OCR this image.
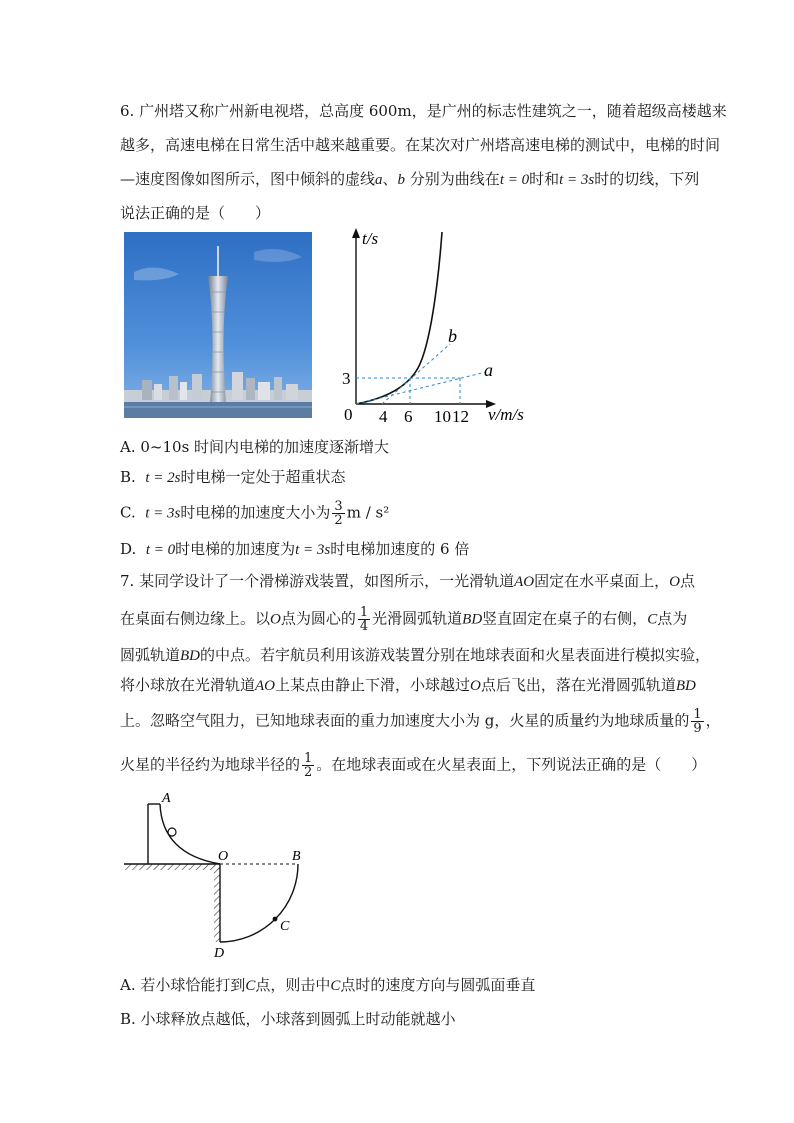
6. 广州塔又称广州新电视塔，总高度 600m，是广州的标志性建筑之一，随着超级高楼越来
越多，高速电梯在日常生活中越来越重要。在某次对广州塔高速电梯的测试中，电梯的时间
—速度图像如图所示，图中倾斜的虚线a、b 分别为曲线在t = 0时和t = 3s时的切线，下列
说法正确的是（　　）
t/s
v/m/s
0
3
4 6 10 12
a
b
A. 0~10s 时间内电梯的加速度逐渐增大
B. t = 2s时电梯一定处于超重状态
C. t = 3s时电梯的加速度大小为 $\frac{3}{2}$ m / s²
D. t = 0时电梯的加速度为t = 3s时电梯加速度的 6 倍
7. 某同学设计了一个滑梯游戏装置，如图所示，一光滑轨道AO固定在水平桌面上，O点
在桌面右侧边缘上。以O点为圆心的 $\frac{1}{4}$ 光滑圆弧轨道BD竖直固定在桌子的右侧，C点为
圆弧轨道BD的中点。若宇航员利用该游戏装置分别在地球表面和火星表面进行模拟实验，
将小球放在光滑轨道AO上某点由静止下滑，小球越过O点后飞出，落在光滑圆弧轨道BD
上。忽略空气阻力，已知地球表面的重力加速度大小为 g，火星的质量约为地球质量的 $\frac{1}{9}$ ，
火星的半径约为地球半径的 $\frac{1}{2}$ 。在地球表面或在火星表面上，下列说法正确的是（　　）
A
O	B
C
D
A. 若小球恰能打到C点，则击中C点时的速度方向与圆弧面垂直
B. 小球释放点越低，小球落到圆弧上时动能就越小
